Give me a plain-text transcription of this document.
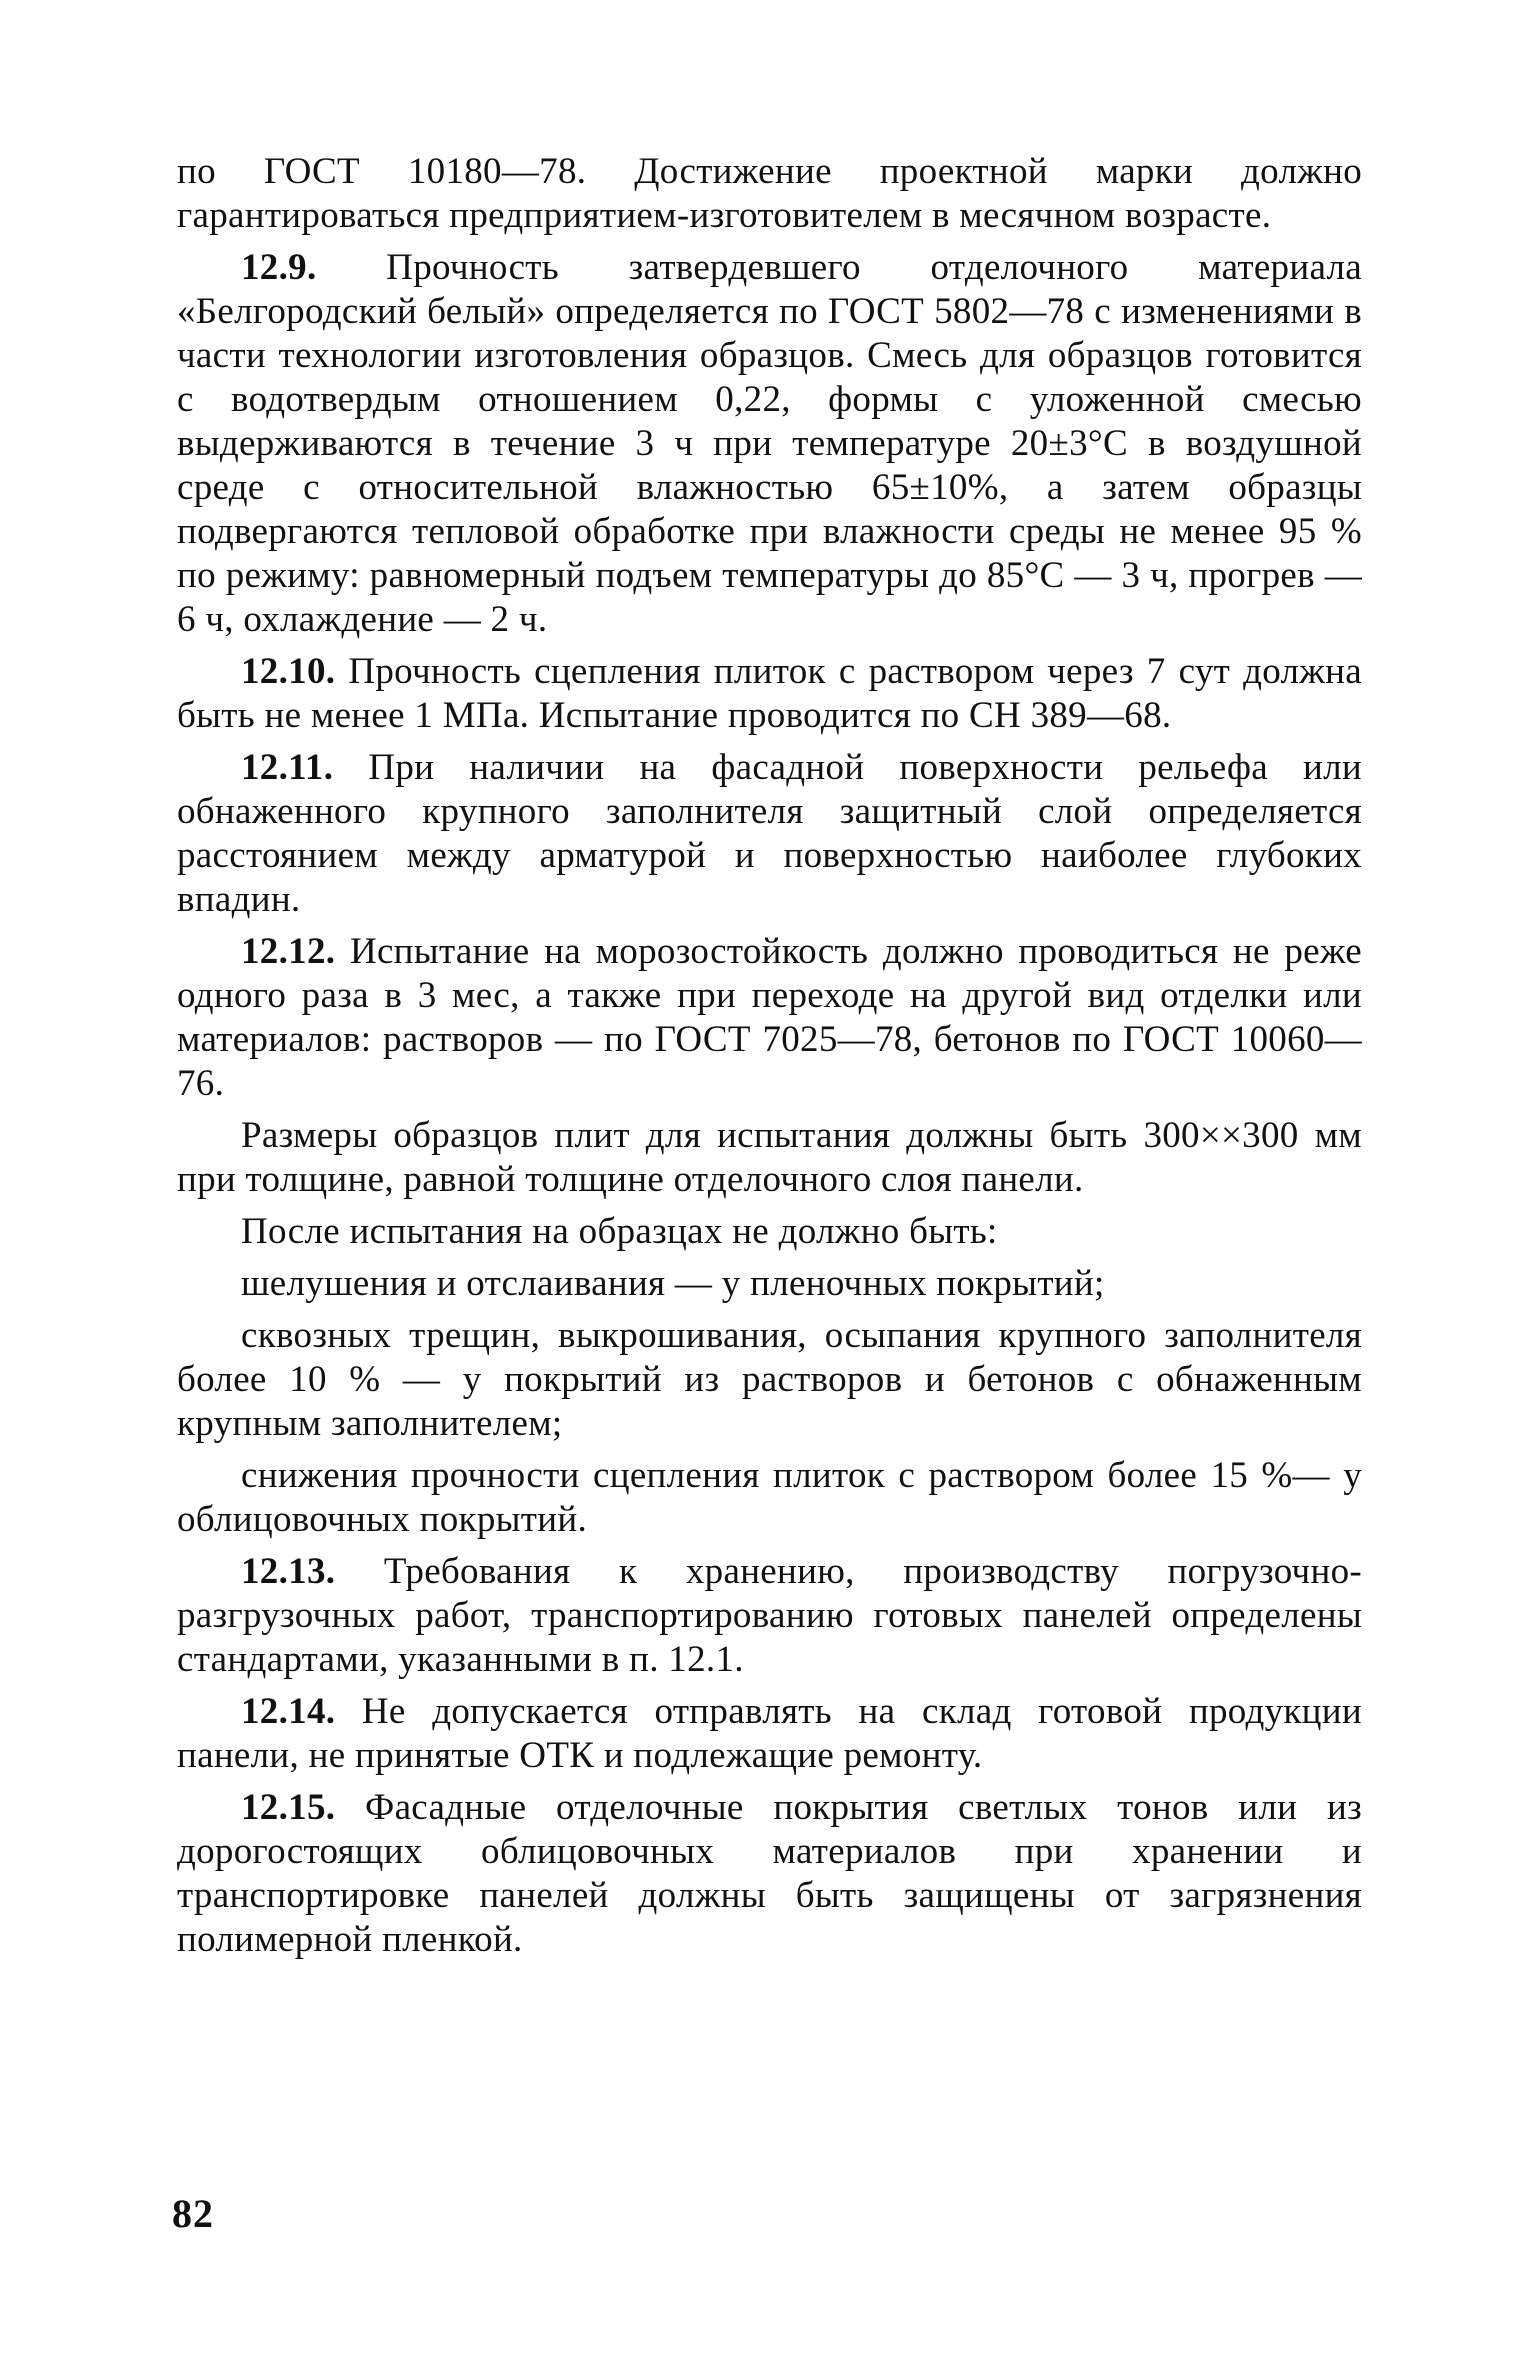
по ГОСТ 10180—78. Достижение проектной марки должно гарантироваться предприятием-изготовителем в месячном возрасте.

12.9. Прочность затвердевшего отделочного материала «Белгородский белый» определяется по ГОСТ 5802—78 с изменениями в части технологии изготовления образцов. Смесь для образцов готовится с водотвердым отношением 0,22, формы с уложенной смесью выдерживаются в течение 3 ч при температуре 20±3°С в воздушной среде с относительной влажностью 65±10%, а затем образцы подвергаются тепловой обработке при влажности среды не менее 95 % по режиму: равномерный подъем температуры до 85°С — 3 ч, прогрев — 6 ч, охлаждение — 2 ч.

12.10. Прочность сцепления плиток с раствором через 7 сут должна быть не менее 1 МПа. Испытание проводится по СН 389—68.

12.11. При наличии на фасадной поверхности рельефа или обнаженного крупного заполнителя защитный слой определяется расстоянием между арматурой и поверхностью наиболее глубоких впадин.

12.12. Испытание на морозостойкость должно проводиться не реже одного раза в 3 мес, а также при переходе на другой вид отделки или материалов: растворов — по ГОСТ 7025—78, бетонов по ГОСТ 10060—76.

Размеры образцов плит для испытания должны быть 300××300 мм при толщине, равной толщине отделочного слоя панели.

После испытания на образцах не должно быть:

шелушения и отслаивания — у пленочных покрытий;

сквозных трещин, выкрошивания, осыпания крупного заполнителя более 10 % — у покрытий из растворов и бетонов с обнаженным крупным заполнителем;

снижения прочности сцепления плиток с раствором более 15 %— у облицовочных покрытий.

12.13. Требования к хранению, производству погрузочно-разгрузочных работ, транспортированию готовых панелей определены стандартами, указанными в п. 12.1.

12.14. Не допускается отправлять на склад готовой продукции панели, не принятые ОТК и подлежащие ремонту.

12.15. Фасадные отделочные покрытия светлых тонов или из дорогостоящих облицовочных материалов при хранении и транспортировке панелей должны быть защищены от загрязнения полимерной пленкой.

82
